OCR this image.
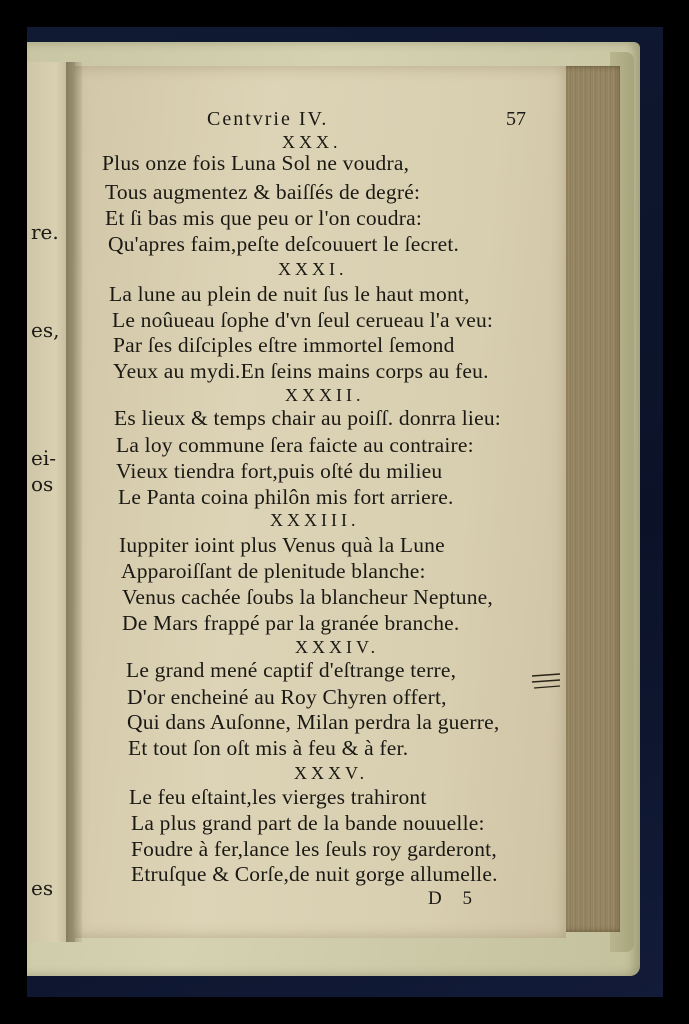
re.
es,
ei-
os
es
Centvrie IV.	57
XXX.
Plus onze fois Luna Sol ne voudra,
Tous augmentez & baiſſés de degré:
Et ſi bas mis que peu or l'on coudra:
Qu'apres faim,peſte deſcouuert le ſecret.
XXXI.
La lune au plein de nuit ſus le haut mont,
Le noûueau ſophe d'vn ſeul cerueau l'a veu:
Par ſes diſciples eſtre immortel ſemond
Yeux au mydi.En ſeins mains corps au feu.
XXXII.
Es lieux & temps chair au poiſſ. donrra lieu:
La loy commune ſera faicte au contraire:
Vieux tiendra fort,puis oſté du milieu
Le Panta coina philôn mis fort arriere.
XXXIII.
Iuppiter ioint plus Venus quà la Lune
Apparoiſſant de plenitude blanche:
Venus cachée ſoubs la blancheur Neptune,
De Mars frappé par la granée branche.
XXXIV.
Le grand mené captif d'eſtrange terre,
D'or encheiné au Roy Chyren offert,
Qui dans Auſonne, Milan perdra la guerre,
Et tout ſon oſt mis à feu & à fer.
XXXV.
Le feu eſtaint,les vierges trahiront
La plus grand part de la bande nouuelle:
Foudre à fer,lance les ſeuls roy garderont,
Etruſque & Corſe,de nuit gorge allumelle.
D 5
